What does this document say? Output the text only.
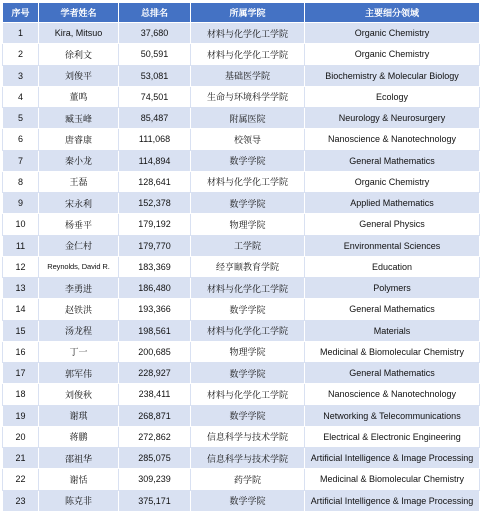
序号	学者姓名	总排名	所属学院	主要细分领域
1	Kira, Mitsuo	37,680	材料与化学化工学院	Organic Chemistry
2	徐利文	50,591	材料与化学化工学院	Organic Chemistry
3	刘俊平	53,081	基础医学院	Biochemistry & Molecular Biology
4	董鸣	74,501	生命与环境科学学院	Ecology
5	臧玉峰	85,487	附属医院	Neurology & Neurosurgery
6	唐睿康	111,068	校领导	Nanoscience & Nanotechnology
7	秦小龙	114,894	数学学院	General Mathematics
8	王磊	128,641	材料与化学化工学院	Organic Chemistry
9	宋永利	152,378	数学学院	Applied Mathematics
10	杨垂平	179,192	物理学院	General Physics
11	金仁村	179,770	工学院	Environmental Sciences
12	Reynolds, David R.	183,369	经亨颐教育学院	Education
13	李勇进	186,480	材料与化学化工学院	Polymers
14	赵铁洪	193,366	数学学院	General Mathematics
15	汤龙程	198,561	材料与化学化工学院	Materials
16	丁一	200,685	物理学院	Medicinal & Biomolecular Chemistry
17	郭军伟	228,927	数学学院	General Mathematics
18	刘俊秋	238,411	材料与化学化工学院	Nanoscience & Nanotechnology
19	谢琪	268,871	数学学院	Networking & Telecommunications
20	蒋鹏	272,862	信息科学与技术学院	Electrical & Electronic Engineering
21	邵祖华	285,075	信息科学与技术学院	Artificial Intelligence & Image Processing
22	谢恬	309,239	药学院	Medicinal & Biomolecular Chemistry
23	陈克非	375,171	数学学院	Artificial Intelligence & Image Processing
